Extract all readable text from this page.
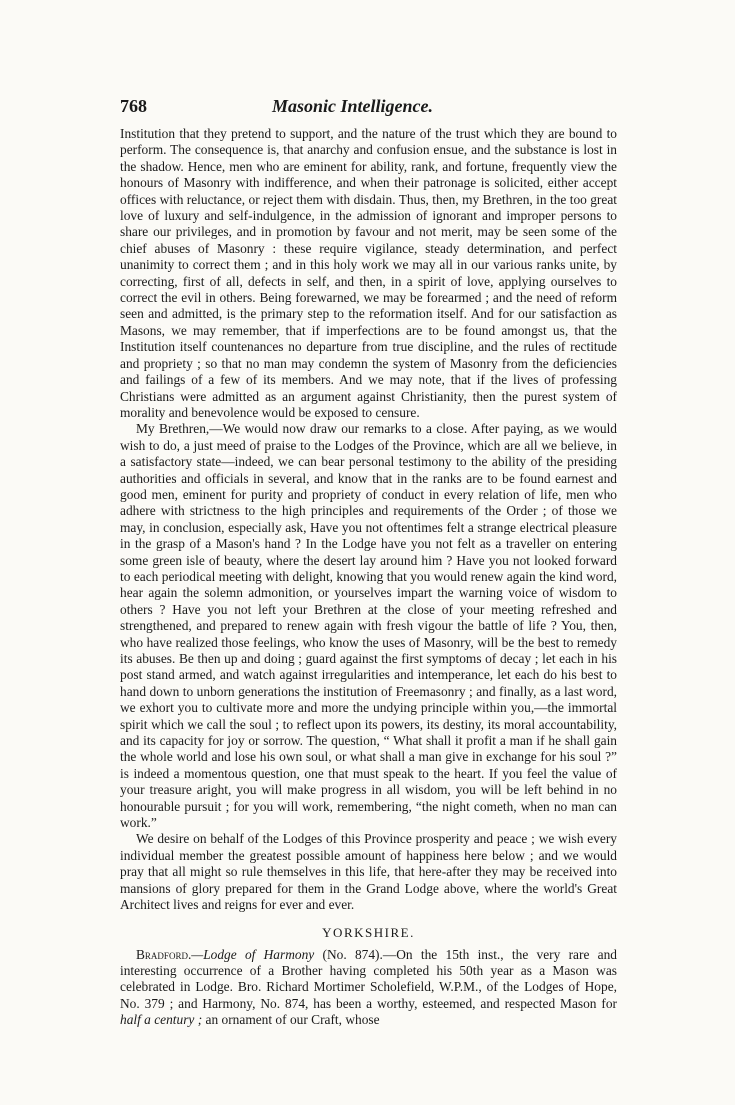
768	Masonic Intelligence.

Institution that they pretend to support, and the nature of the trust which they are bound to perform. The consequence is, that anarchy and confusion ensue, and the substance is lost in the shadow. Hence, men who are eminent for ability, rank, and fortune, frequently view the honours of Masonry with indifference, and when their patronage is solicited, either accept offices with reluctance, or reject them with disdain. Thus, then, my Brethren, in the too great love of luxury and self-indulgence, in the admission of ignorant and improper persons to share our privileges, and in promotion by favour and not merit, may be seen some of the chief abuses of Masonry : these require vigilance, steady determination, and perfect unanimity to correct them ; and in this holy work we may all in our various ranks unite, by correcting, first of all, defects in self, and then, in a spirit of love, applying ourselves to correct the evil in others. Being forewarned, we may be forearmed ; and the need of reform seen and admitted, is the primary step to the reformation itself. And for our satisfaction as Masons, we may remember, that if imperfections are to be found amongst us, that the Institution itself countenances no departure from true discipline, and the rules of rectitude and propriety ; so that no man may condemn the system of Masonry from the deficiencies and failings of a few of its members. And we may note, that if the lives of professing Christians were admitted as an argument against Christianity, then the purest system of morality and benevolence would be exposed to censure.

My Brethren,—We would now draw our remarks to a close. After paying, as we would wish to do, a just meed of praise to the Lodges of the Province, which are all we believe, in a satisfactory state—indeed, we can bear personal testimony to the ability of the presiding authorities and officials in several, and know that in the ranks are to be found earnest and good men, eminent for purity and propriety of conduct in every relation of life, men who adhere with strictness to the high principles and requirements of the Order ; of those we may, in conclusion, especially ask, Have you not oftentimes felt a strange electrical pleasure in the grasp of a Mason's hand ? In the Lodge have you not felt as a traveller on entering some green isle of beauty, where the desert lay around him ? Have you not looked forward to each periodical meeting with delight, knowing that you would renew again the kind word, hear again the solemn admonition, or yourselves impart the warning voice of wisdom to others ? Have you not left your Brethren at the close of your meeting refreshed and strengthened, and prepared to renew again with fresh vigour the battle of life ? You, then, who have realized those feelings, who know the uses of Masonry, will be the best to remedy its abuses. Be then up and doing ; guard against the first symptoms of decay ; let each in his post stand armed, and watch against irregularities and intemperance, let each do his best to hand down to unborn generations the institution of Freemasonry ; and finally, as a last word, we exhort you to cultivate more and more the undying principle within you,—the immortal spirit which we call the soul ; to reflect upon its powers, its destiny, its moral accountability, and its capacity for joy or sorrow. The question, “ What shall it profit a man if he shall gain the whole world and lose his own soul, or what shall a man give in exchange for his soul ?” is indeed a momentous question, one that must speak to the heart. If you feel the value of your treasure aright, you will make progress in all wisdom, you will be left behind in no honourable pursuit ; for you will work, remembering, “the night cometh, when no man can work.”

We desire on behalf of the Lodges of this Province prosperity and peace ; we wish every individual member the greatest possible amount of happiness here below ; and we would pray that all might so rule themselves in this life, that here-after they may be received into mansions of glory prepared for them in the Grand Lodge above, where the world's Great Architect lives and reigns for ever and ever.

YORKSHIRE.

Bradford.—Lodge of Harmony (No. 874).—On the 15th inst., the very rare and interesting occurrence of a Brother having completed his 50th year as a Mason was celebrated in Lodge. Bro. Richard Mortimer Scholefield, W.P.M., of the Lodges of Hope, No. 379 ; and Harmony, No. 874, has been a worthy, esteemed, and respected Mason for half a century ; an ornament of our Craft, whose
